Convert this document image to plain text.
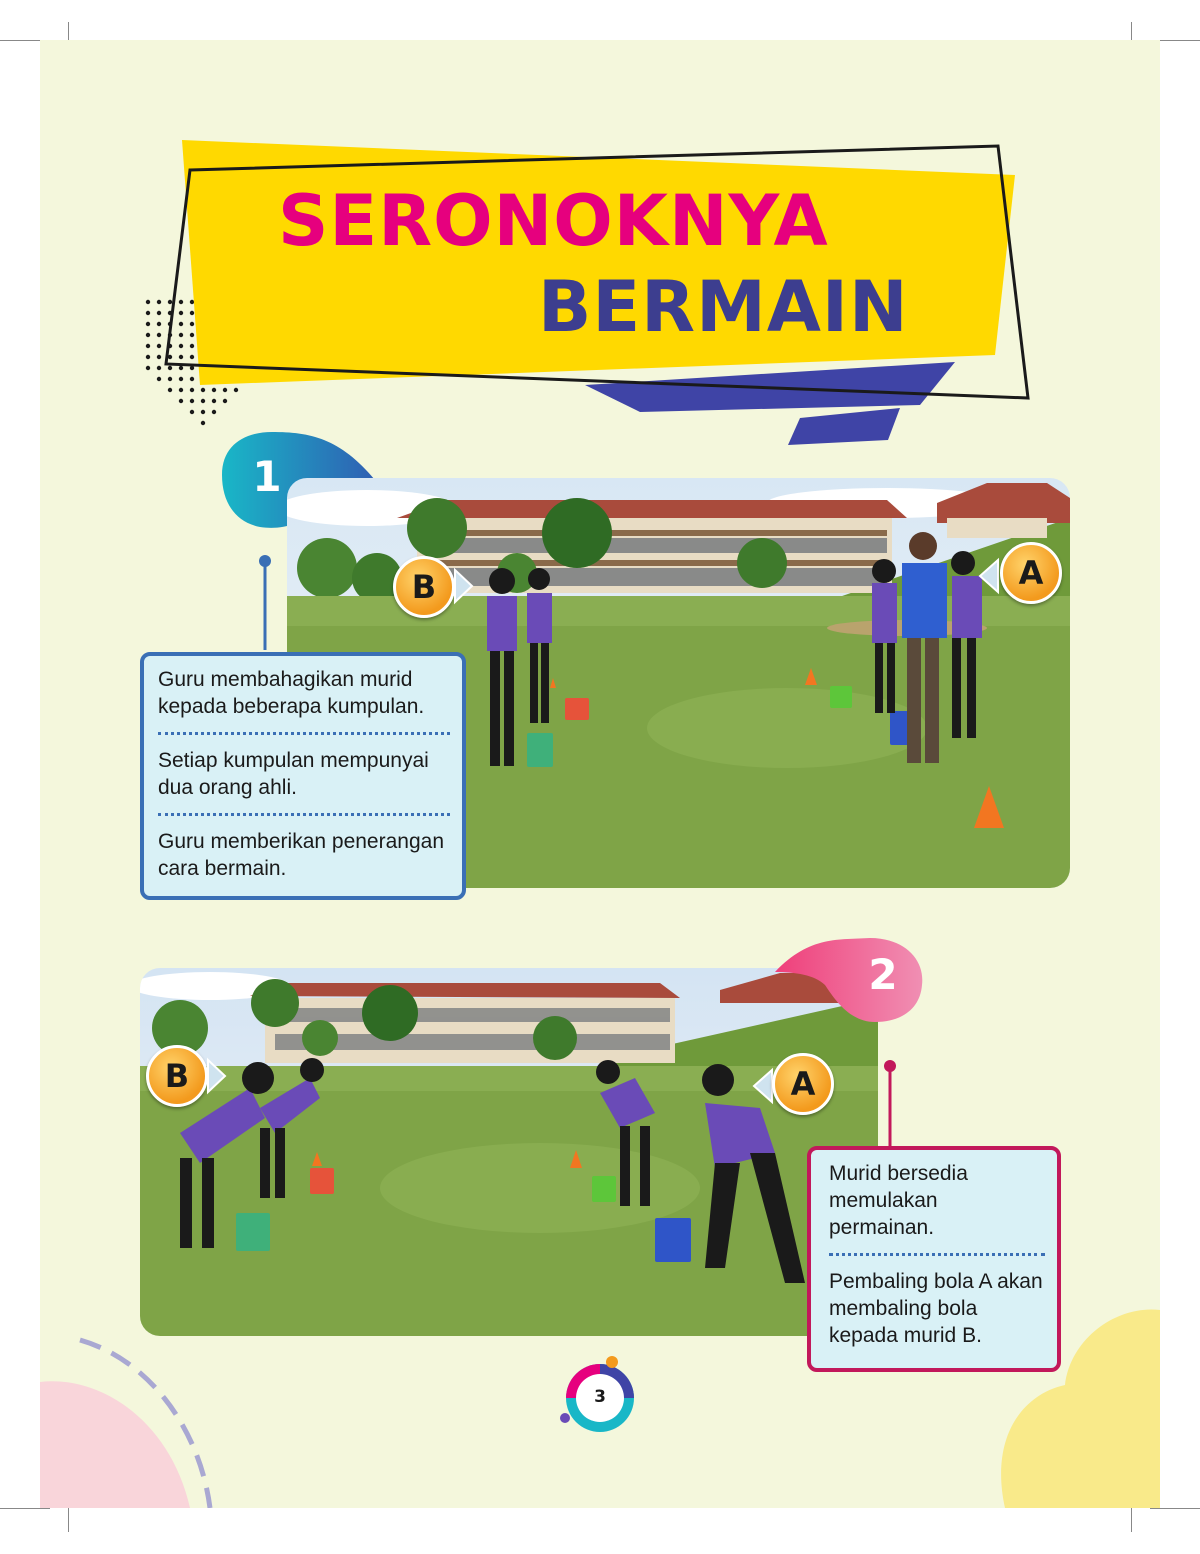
SERONOKNYA
BERMAIN
1
B	A

Guru membahagikan murid kepada beberapa kumpulan.

Setiap kumpulan mempunyai dua orang ahli.

Guru memberikan penerangan cara bermain.

2
B	A

Murid bersedia memulakan permainan.

Pembaling bola A akan membaling bola kepada murid B.

3
